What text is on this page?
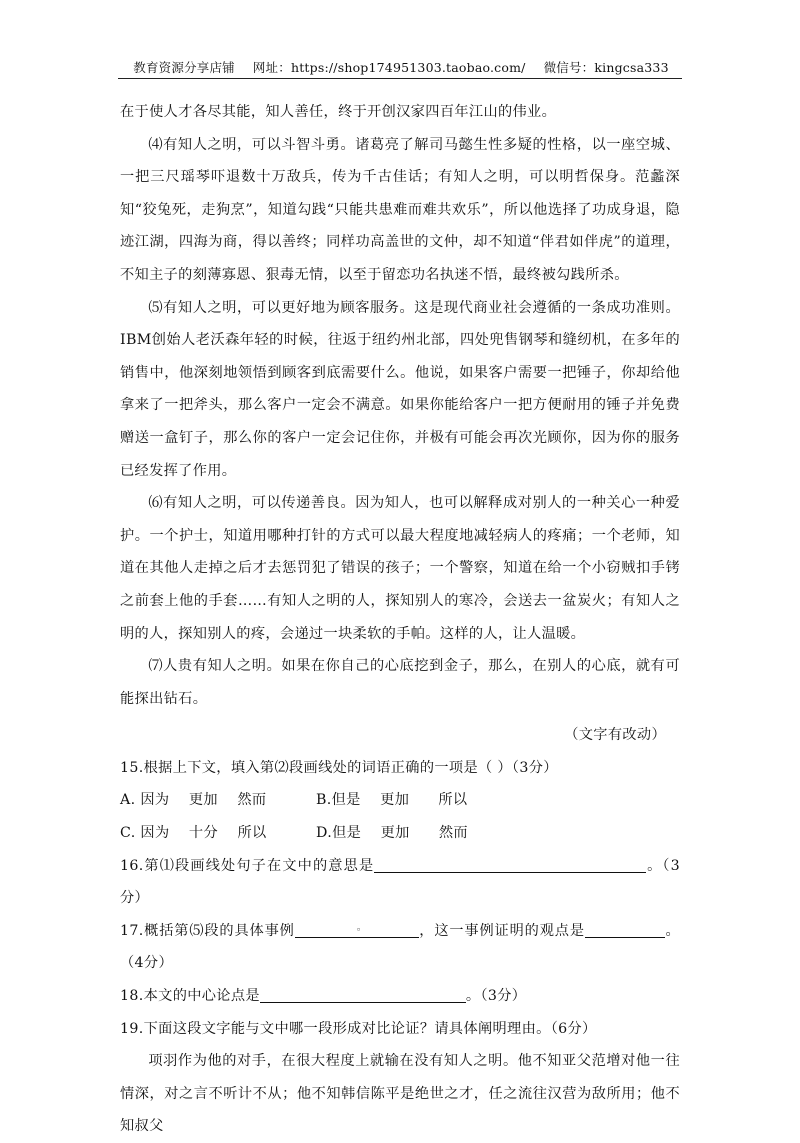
教育资源分享店铺 网址：https://shop174951303.taobao.com/ 微信号：kingcsa333

在于使人才各尽其能，知人善任，终于开创汉家四百年江山的伟业。

⑷有知人之明，可以斗智斗勇。诸葛亮了解司马懿生性多疑的性格，以一座空城、一把三尺瑶琴吓退数十万敌兵，传为千古佳话；有知人之明，可以明哲保身。范蠡深知“狡兔死，走狗烹”，知道勾践“只能共患难而难共欢乐”，所以他选择了功成身退，隐迹江湖，四海为商，得以善终；同样功高盖世的文仲，却不知道“伴君如伴虎”的道理，不知主子的刻薄寡恩、狠毒无情，以至于留恋功名执迷不悟，最终被勾践所杀。

⑸有知人之明，可以更好地为顾客服务。这是现代商业社会遵循的一条成功准则。IBM创始人老沃森年轻的时候，往返于纽约州北部，四处兜售钢琴和缝纫机，在多年的销售中，他深刻地领悟到顾客到底需要什么。他说，如果客户需要一把锤子，你却给他拿来了一把斧头，那么客户一定会不满意。如果你能给客户一把方便耐用的锤子并免费赠送一盒钉子，那么你的客户一定会记住你，并极有可能会再次光顾你，因为你的服务已经发挥了作用。

⑹有知人之明，可以传递善良。因为知人，也可以解释成对别人的一种关心一种爱护。一个护士，知道用哪种打针的方式可以最大程度地减轻病人的疼痛；一个老师，知道在其他人走掉之后才去惩罚犯了错误的孩子；一个警察，知道在给一个小窃贼扣手铐之前套上他的手套……有知人之明的人，探知别人的寒冷，会送去一盆炭火；有知人之明的人，探知别人的疼，会递过一块柔软的手帕。这样的人，让人温暖。

⑺人贵有知人之明。如果在你自己的心底挖到金子，那么，在别人的心底，就有可能探出钻石。

（文字有改动）

15.根据上下文，填入第⑵段画线处的词语正确的一项是（ ）（3分）

A. 因为    更加    然而	B.但是    更加      所以
C. 因为    十分    所以	D.但是    更加      然而

16.第⑴段画线处句子在文中的意思是	。（3分）

17.概括第⑸段的具体事例	。	，这一事例证明的观点是	。（4分）

18.本文的中心论点是	。（3分）

19.下面这段文字能与文中哪一段形成对比论证？请具体阐明理由。（6分）

项羽作为他的对手，在很大程度上就输在没有知人之明。他不知亚父范增对他一往情深，对之言不听计不从；他不知韩信陈平是绝世之才，任之流往汉营为敌所用；他不知叔父
